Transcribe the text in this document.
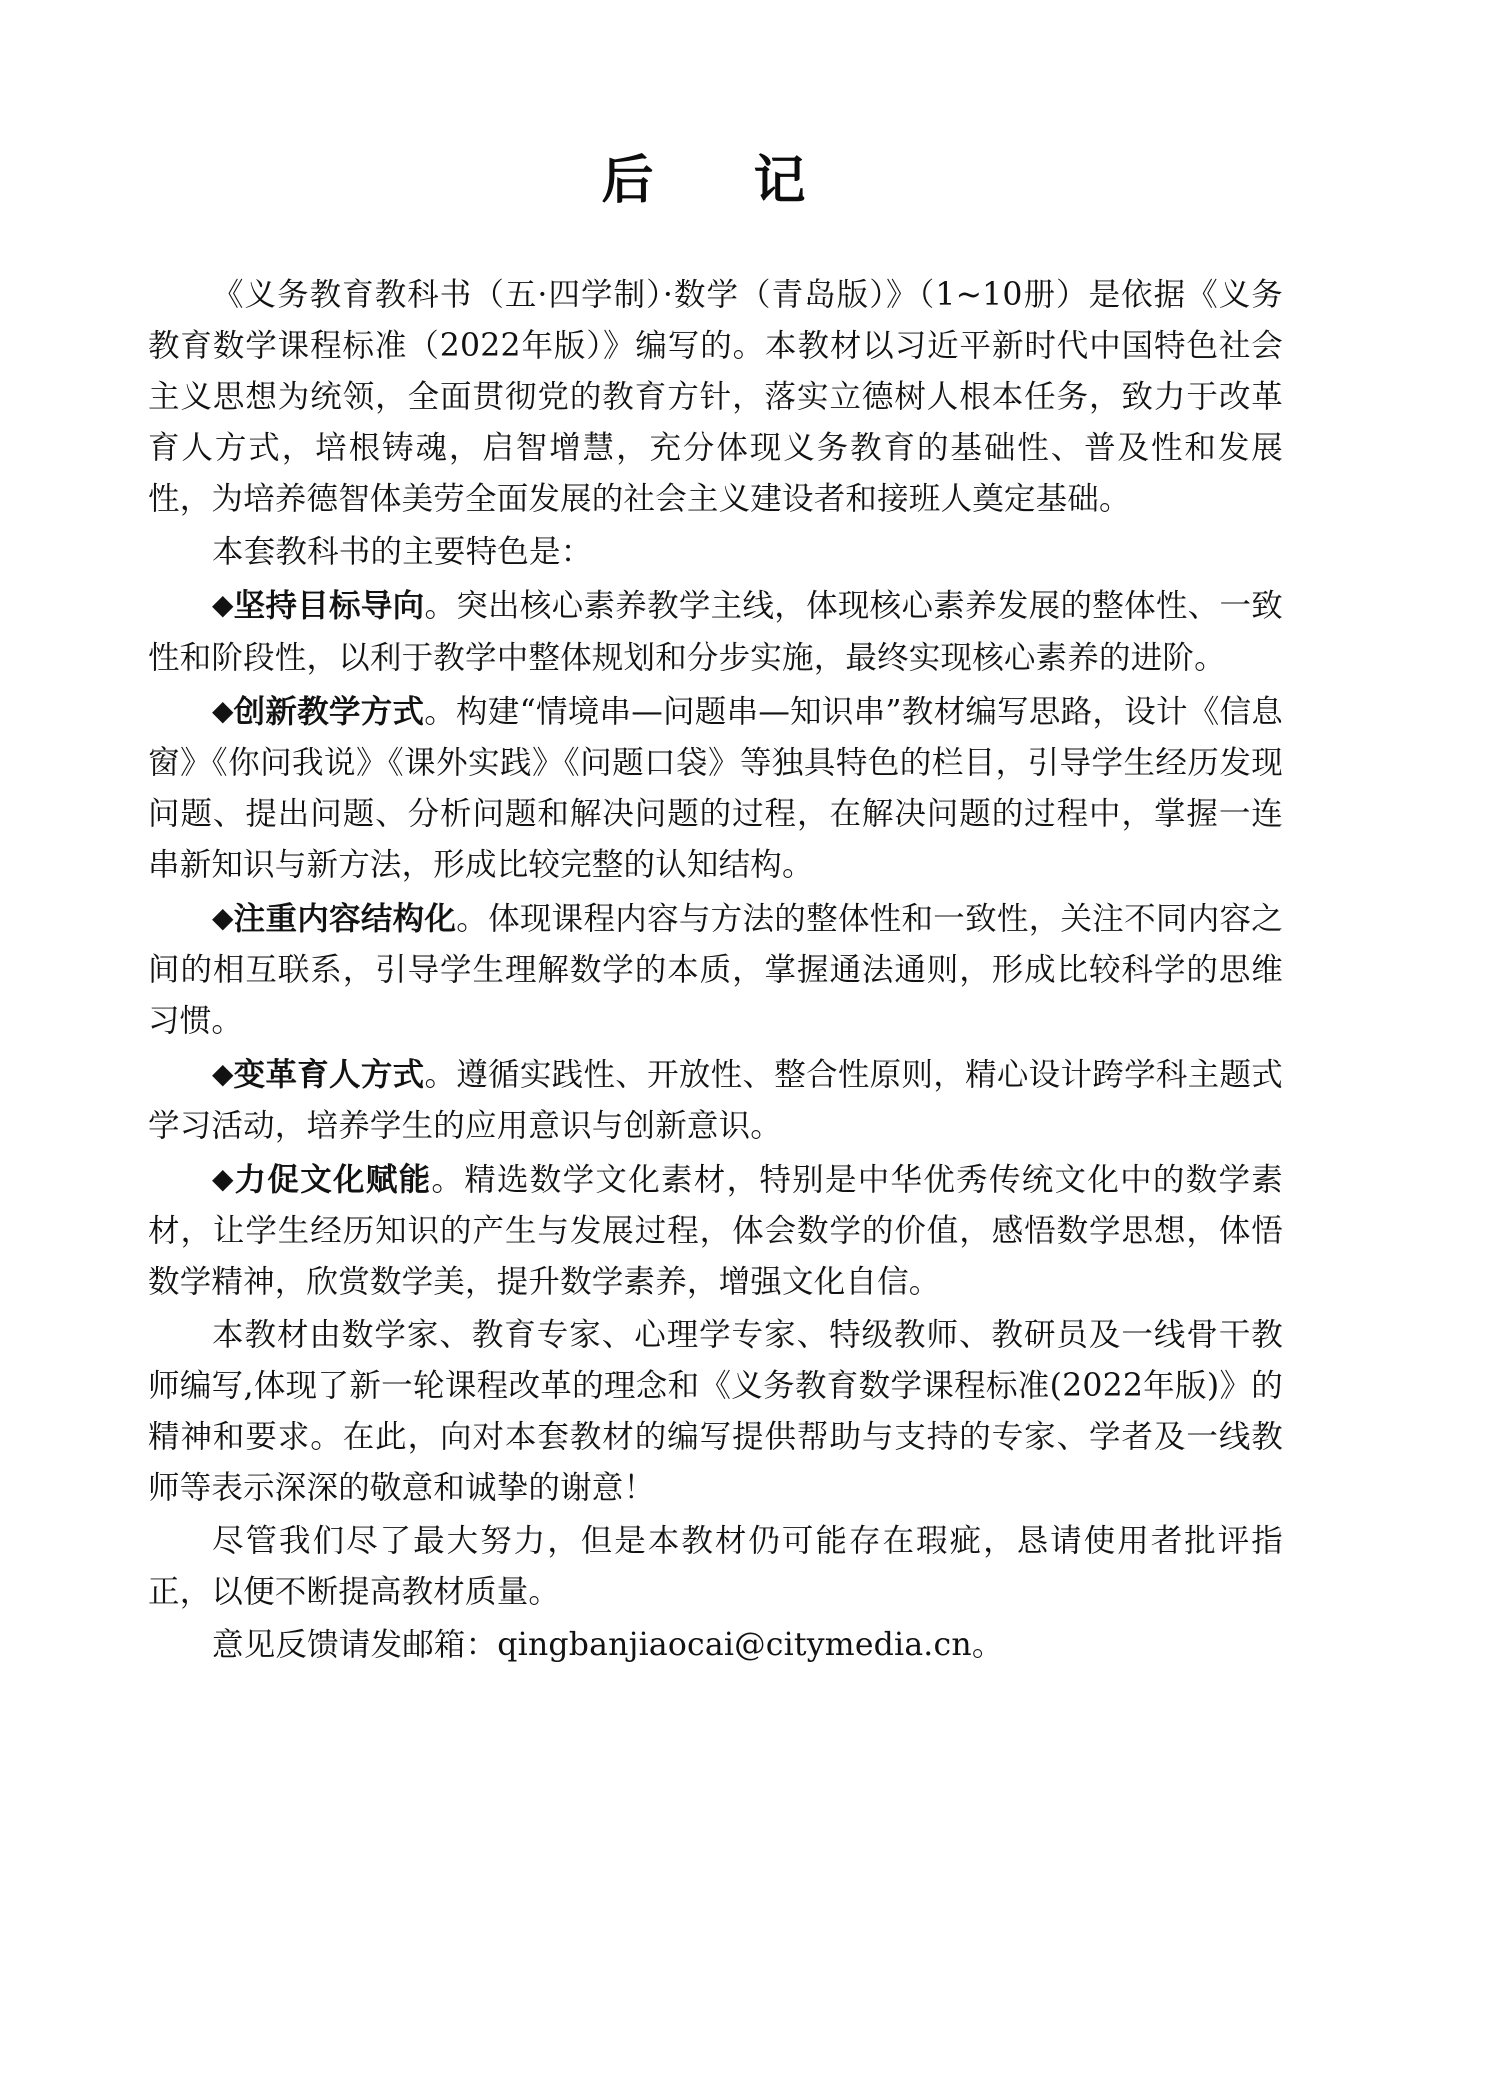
后　记

《义务教育教科书（五·四学制）·数学（青岛版）》（1~10册）是依据《义务教育数学课程标准（2022年版）》编写的。本教材以习近平新时代中国特色社会主义思想为统领，全面贯彻党的教育方针，落实立德树人根本任务，致力于改革育人方式，培根铸魂，启智增慧，充分体现义务教育的基础性、普及性和发展性，为培养德智体美劳全面发展的社会主义建设者和接班人奠定基础。

本套教科书的主要特色是：

◆坚持目标导向。突出核心素养教学主线，体现核心素养发展的整体性、一致性和阶段性，以利于教学中整体规划和分步实施，最终实现核心素养的进阶。

◆创新教学方式。构建“情境串—问题串—知识串”教材编写思路，设计《信息窗》《你问我说》《课外实践》《问题口袋》等独具特色的栏目，引导学生经历发现问题、提出问题、分析问题和解决问题的过程，在解决问题的过程中，掌握一连串新知识与新方法，形成比较完整的认知结构。

◆注重内容结构化。体现课程内容与方法的整体性和一致性，关注不同内容之间的相互联系，引导学生理解数学的本质，掌握通法通则，形成比较科学的思维习惯。

◆变革育人方式。遵循实践性、开放性、整合性原则，精心设计跨学科主题式学习活动，培养学生的应用意识与创新意识。

◆力促文化赋能。精选数学文化素材，特别是中华优秀传统文化中的数学素材，让学生经历知识的产生与发展过程，体会数学的价值，感悟数学思想，体悟数学精神，欣赏数学美，提升数学素养，增强文化自信。

本教材由数学家、教育专家、心理学专家、特级教师、教研员及一线骨干教师编写,体现了新一轮课程改革的理念和《义务教育数学课程标准(2022年版)》的精神和要求。在此，向对本套教材的编写提供帮助与支持的专家、学者及一线教师等表示深深的敬意和诚挚的谢意！

尽管我们尽了最大努力，但是本教材仍可能存在瑕疵，恳请使用者批评指正，以便不断提高教材质量。

意见反馈请发邮箱：qingbanjiaocai@citymedia.cn。
